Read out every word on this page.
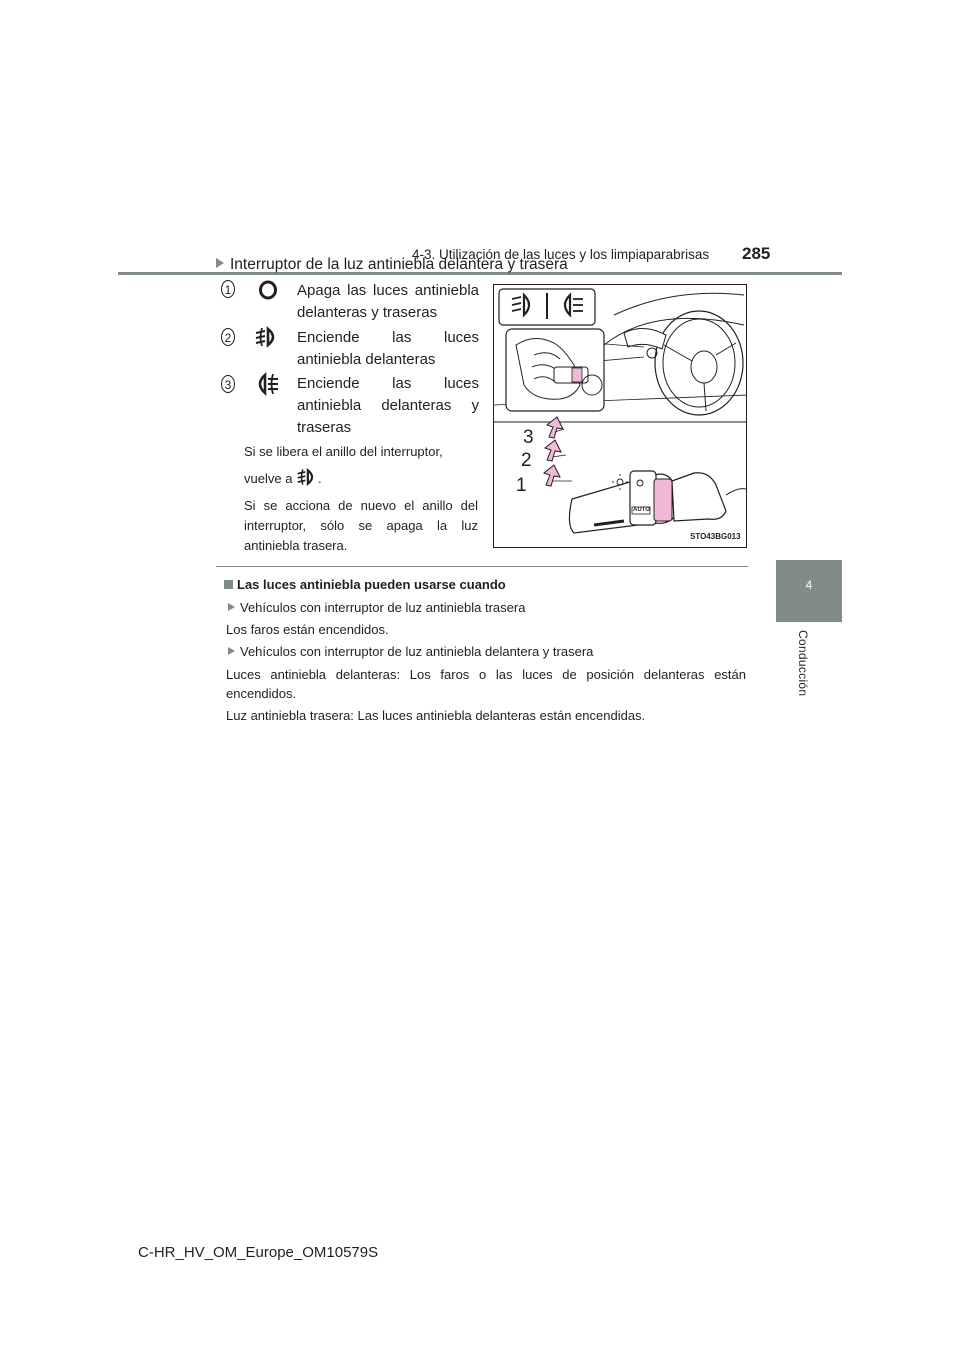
4-3. Utilización de las luces y los limpiaparabrisas 285
4
Conducción
Interruptor de la luz antiniebla delantera y trasera
1	Apaga las luces antiniebla
delanteras y traseras
2	Enciende las luces
antiniebla delanteras
3	Enciende las luces
antiniebla delanteras y
traseras
Si se libera el anillo del interruptor,
vuelve a .
Si se acciona de nuevo el anillo del interruptor, sólo se apaga la luz antiniebla trasera.
3
2
1
AUTO
STO43BG013
Las luces antiniebla pueden usarse cuando
Vehículos con interruptor de luz antiniebla trasera
Los faros están encendidos.
Vehículos con interruptor de luz antiniebla delantera y trasera
Luces antiniebla delanteras: Los faros o las luces de posición delanteras están encendidos.
Luz antiniebla trasera: Las luces antiniebla delanteras están encendidas.
C-HR_HV_OM_Europe_OM10579S
